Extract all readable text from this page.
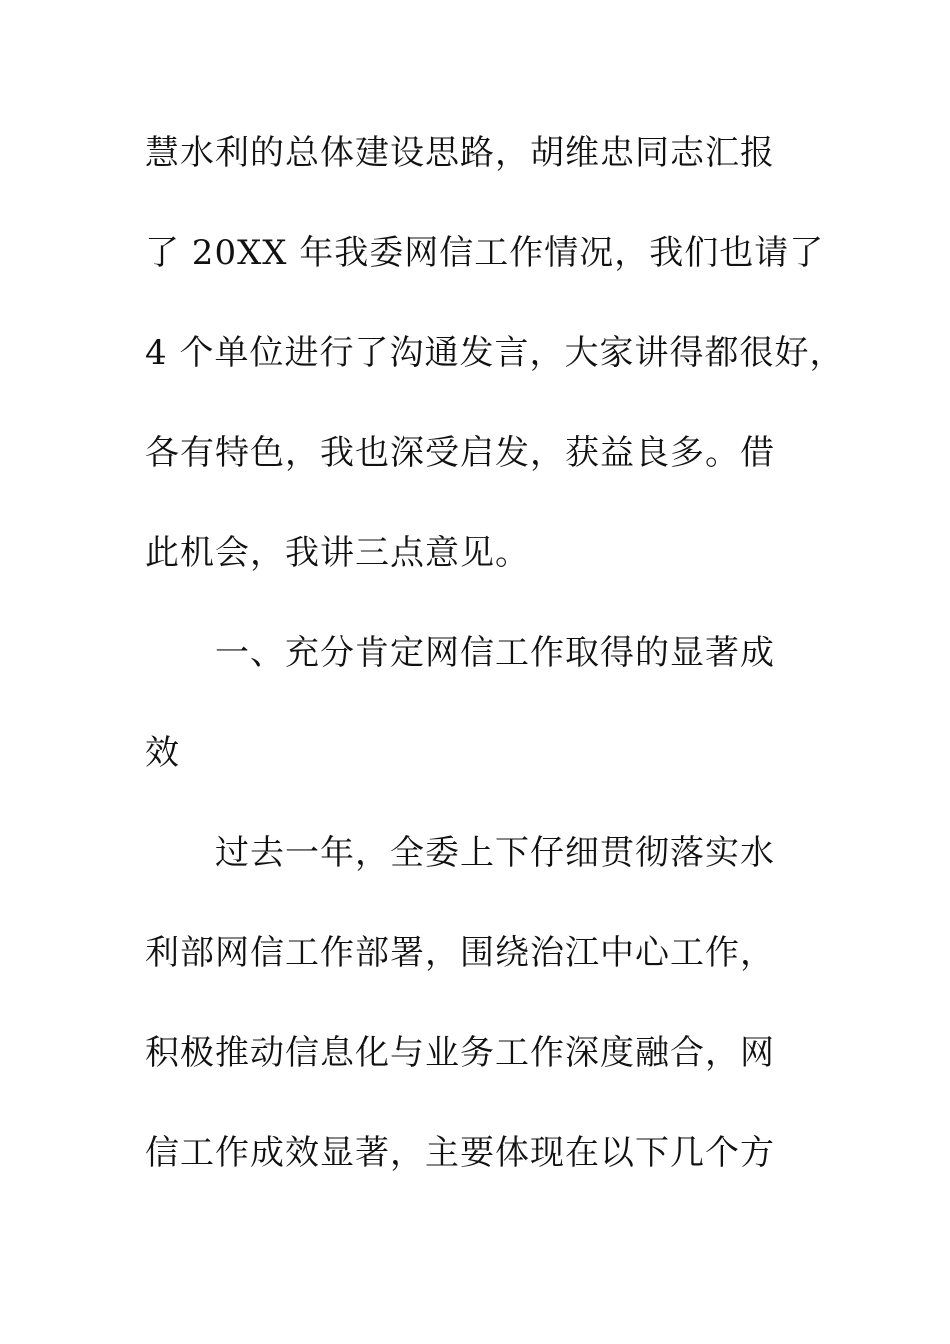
慧水利的总体建设思路，胡维忠同志汇报
了 20XX 年我委网信工作情况，我们也请了
4 个单位进行了沟通发言，大家讲得都很好，
各有特色，我也深受启发，获益良多。借
此机会，我讲三点意见。
一、充分肯定网信工作取得的显著成
效
过去一年，全委上下仔细贯彻落实水
利部网信工作部署，围绕治江中心工作，
积极推动信息化与业务工作深度融合，网
信工作成效显著，主要体现在以下几个方
